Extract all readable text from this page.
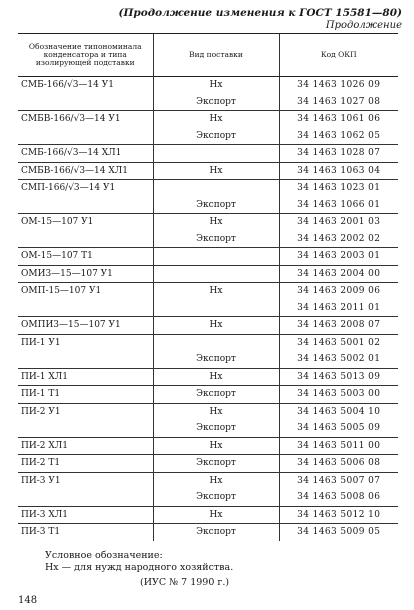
(Продолжение изменения к ГОСТ 15581—80)
Продолжение
Обозначение типономинала конденсатора и типа изолирующей подставки	Вид поставки	Код ОКП
СМБ-166/√3—14 У1	Нх	34 1463 1026 09
	Экспорт	34 1463 1027 08
СМБВ-166/√3—14 У1	Нх	34 1463 1061 06
	Экспорт	34 1463 1062 05
СМБ-166/√3—14 ХЛ1		34 1463 1028 07
СМБВ-166/√3—14 ХЛ1	Нх	34 1463 1063 04
СМП-166/√3—14 У1		34 1463 1023 01
	Экспорт	34 1463 1066 01
ОМ-15—107 У1	Нх	34 1463 2001 03
	Экспорт	34 1463 2002 02
ОМ-15—107 Т1		34 1463 2003 01
ОМИ3—15—107 У1		34 1463 2004 00
ОМП-15—107 У1	Нх	34 1463 2009 06
		34 1463 2011 01
ОМПИ3—15—107 У1	Нх	34 1463 2008 07
ПИ-1 У1		34 1463 5001 02
	Экспорт	34 1463 5002 01
ПИ-1 ХЛ1	Нх	34 1463 5013 09
ПИ-1 Т1	Экспорт	34 1463 5003 00
ПИ-2 У1	Нх	34 1463 5004 10
	Экспорт	34 1463 5005 09
ПИ-2 ХЛ1	Нх	34 1463 5011 00
ПИ-2 Т1	Экспорт	34 1463 5006 08
ПИ-3 У1	Нх	34 1463 5007 07
	Экспорт	34 1463 5008 06
ПИ-3 ХЛ1	Нх	34 1463 5012 10
ПИ-3 Т1	Экспорт	34 1463 5009 05
Условное обозначение:
Нх — для нужд народного хозяйства.
(ИУС № 7 1990 г.)
148
